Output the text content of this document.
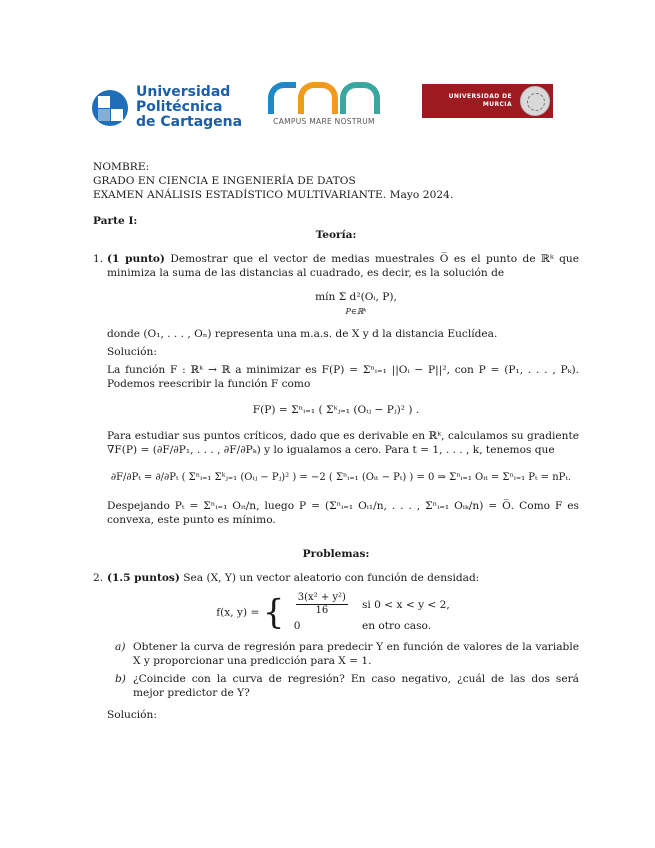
Universidad
Politécnica
de Cartagena	CAMPUS MARE NOSTRUM
UNIVERSIDAD DE
MURCIA

NOMBRE:

GRADO EN CIENCIA E INGENIERÍA DE DATOS

EXAMEN ANÁLISIS ESTADÍSTICO MULTIVARIANTE. Mayo 2024.

Parte I:

Teoría:

1. (1 punto) Demostrar que el vector de medias muestrales O̅ es el punto de ℝᵏ que minimiza la suma de las distancias al cuadrado, es decir, es la solución de
mín Σ d²(Oᵢ, P),
P∈ℝᵏ

donde (O₁, . . . , Oₙ) representa una m.a.s. de X y d la distancia Euclídea.

Solución:

La función F : ℝᵏ → ℝ a minimizar es F(P) = Σⁿᵢ₌₁ ||Oᵢ − P||², con P = (P₁, . . . , Pₖ). Podemos reescribir la función F como

F(P) = Σⁿᵢ₌₁ ( Σᵏⱼ₌₁ (Oᵢⱼ − Pⱼ)² ) .

Para estudiar sus puntos críticos, dado que es derivable en ℝᵏ, calculamos su gradiente ∇F(P) = (∂F/∂P₁, . . . , ∂F/∂Pₖ) y lo igualamos a cero. Para t = 1, . . . , k, tenemos que

∂F/∂Pₜ = ∂/∂Pₜ ( Σⁿᵢ₌₁ Σᵏⱼ₌₁ (Oᵢⱼ − Pⱼ)² ) = −2 ( Σⁿᵢ₌₁ (Oᵢₜ − Pₜ) ) = 0 ⇒ Σⁿᵢ₌₁ Oᵢₜ = Σⁿᵢ₌₁ Pₜ = nPₜ.

Despejando Pₜ = Σⁿᵢ₌₁ Oᵢₜ/n, luego P = (Σⁿᵢ₌₁ Oᵢ₁/n, . . . , Σⁿᵢ₌₁ Oᵢₖ/n) = O̅. Como F es convexa, este punto es mínimo.

Problemas:

2. (1.5 puntos) Sea (X, Y) un vector aleatorio con función de densidad:
f(x, y) = { $\frac{\text{3(x² + y²)}}{16}$	si 0 < x < y < 2,
0	en otro caso.
a) Obtener la curva de regresión para predecir Y en función de valores de la variable X y proporcionar una predicción para X = 1.
b) ¿Coincide con la curva de regresión? En caso negativo, ¿cuál de las dos será mejor predictor de Y?

Solución:
